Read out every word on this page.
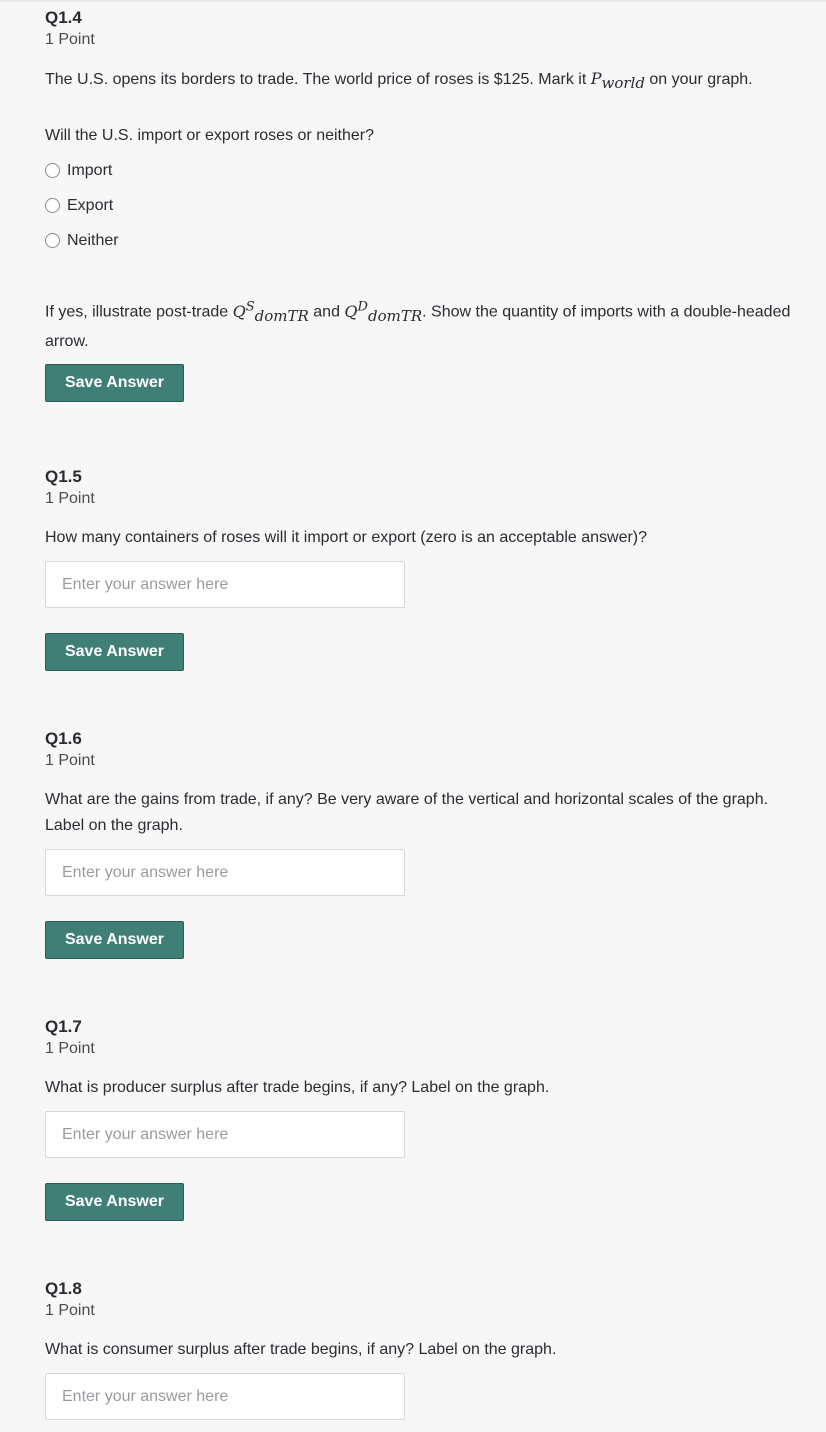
Q1.4
1 Point
The U.S. opens its borders to trade. The world price of roses is $125. Mark it $P_{world}$ on your graph.
Will the U.S. import or export roses or neither?
Import
Export
Neither
If yes, illustrate post-trade $Q^S_{domTR}$ and $Q^D_{domTR}$. Show the quantity of imports with a double-headed arrow.
Save Answer
Q1.5
1 Point
How many containers of roses will it import or export (zero is an acceptable answer)?
Enter your answer here Save Answer
Q1.6
1 Point
What are the gains from trade, if any? Be very aware of the vertical and horizontal scales of the graph. Label on the graph.
Enter your answer here Save Answer
Q1.7
1 Point
What is producer surplus after trade begins, if any? Label on the graph.
Enter your answer here Save Answer
Q1.8
1 Point
What is consumer surplus after trade begins, if any? Label on the graph.
Enter your answer here
